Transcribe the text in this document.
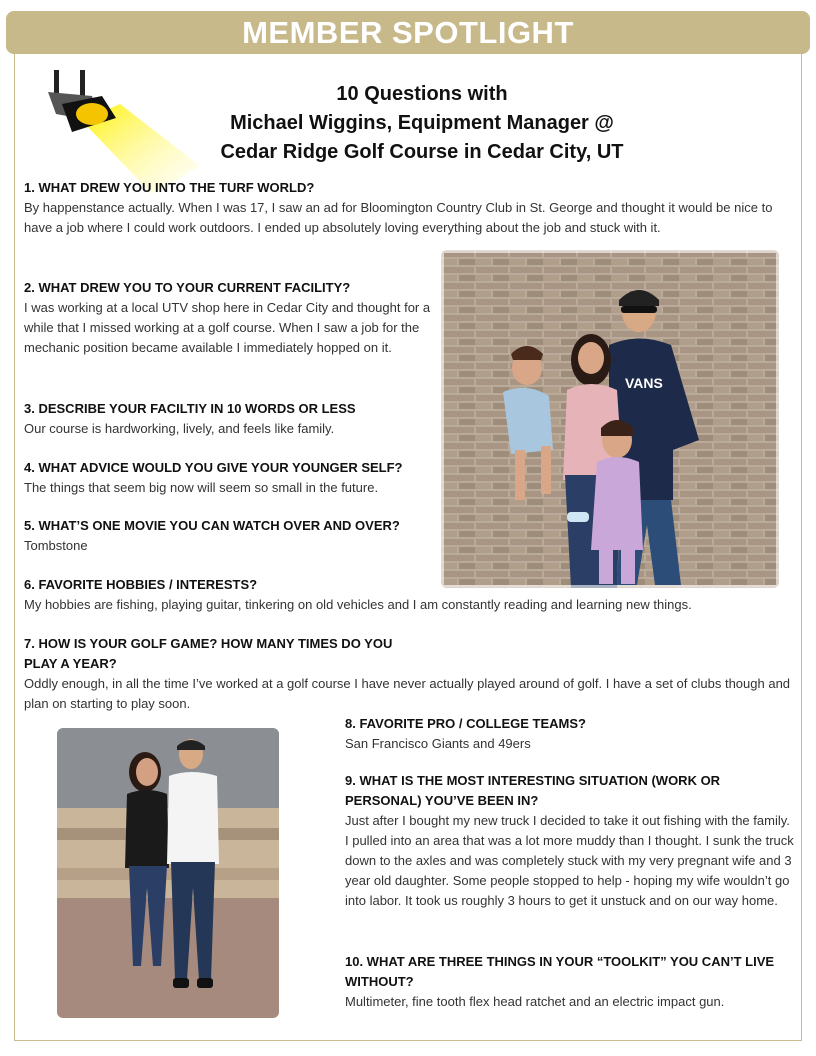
MEMBER SPOTLIGHT
10 Questions with
Michael Wiggins, Equipment Manager @
Cedar Ridge Golf Course in Cedar City, UT
1. WHAT DREW YOU INTO THE TURF WORLD?
By happenstance actually. When I was 17, I saw an ad for Bloomington Country Club in St. George and thought it would be nice to have a job where I could work outdoors. I ended up absolutely loving everything about the job and stuck with it.
VANS
2. WHAT DREW YOU TO YOUR CURRENT FACILITY?
I was working at a local UTV shop here in Cedar City and thought for a while that I missed working at a golf course. When I saw a job for the mechanic position became available I immediately hopped on it.
3. DESCRIBE YOUR FACILTIY IN 10 WORDS OR LESS
Our course is hardworking, lively, and feels like family.
4. WHAT ADVICE WOULD YOU GIVE YOUR YOUNGER SELF?
The things that seem big now will seem so small in the future.
5. WHAT’S ONE MOVIE YOU CAN WATCH OVER AND OVER?
Tombstone
6. FAVORITE HOBBIES / INTERESTS?
My hobbies are fishing, playing guitar, tinkering on old vehicles and I am constantly reading and learning new things.
7. HOW IS YOUR GOLF GAME? HOW MANY TIMES DO YOU PLAY A YEAR?
Oddly enough, in all the time I’ve worked at a golf course I have never actually played around of golf. I have a set of clubs though and plan on starting to play soon.
8. FAVORITE PRO / COLLEGE TEAMS?
San Francisco Giants and 49ers
9. WHAT IS THE MOST INTERESTING SITUATION (WORK OR PERSONAL) YOU’VE BEEN IN?
Just after I bought my new truck I decided to take it out fishing with the family. I pulled into an area that was a lot more muddy than I thought. I sunk the truck down to the axles and was completely stuck with my very pregnant wife and 3 year old daughter. Some people stopped to help - hoping my wife wouldn’t go into labor. It took us roughly 3 hours to get it unstuck and on our way home.
10. WHAT ARE THREE THINGS IN YOUR “TOOLKIT” YOU CAN’T LIVE WITHOUT?
Multimeter, fine tooth flex head ratchet and an electric impact gun.
